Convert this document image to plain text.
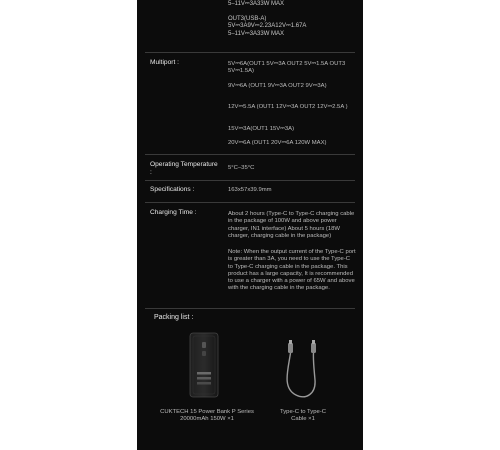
5–11V⎓3A33W MAX
OUT3(USB-A)
5V⎓3A9V⎓2.23A12V⎓1.67A
5–11V⎓3A33W MAX
Multiport :	5V⎓6A(OUT1 5V⎓3A OUT2 5V⎓1.5A OUT3 5V⎓1.5A)
9V⎓6A (OUT1 9V⎓3A OUT2 9V⎓3A)
12V⎓5.5A (OUT1 12V⎓3A OUT2 12V⎓2.5A )
15V⎓3A(OUT1 15V⎓3A)
20V⎓6A (OUT1 20V⎓6A 120W MAX)
Operating Temperature :
5°C–35°C
Specifications :	163x57x39.9mm
Charging Time :	About 2 hours (Type-C to Type-C charging cable in the package of 100W and above power charger, IN1 interface) About 5 hours (18W charger, charging cable in the package)
Note: When the output current of the Type-C port is greater than 3A, you need to use the Type-C to Type-C charging cable in the package. This product has a large capacity, It is recommended to use a charger with a power of 65W and above with the charging cable in the package.
Packing list :
CUKTECH 15 Power Bank P Series 20000mAh 150W ×1
Type-C to Type-C Cable ×1
